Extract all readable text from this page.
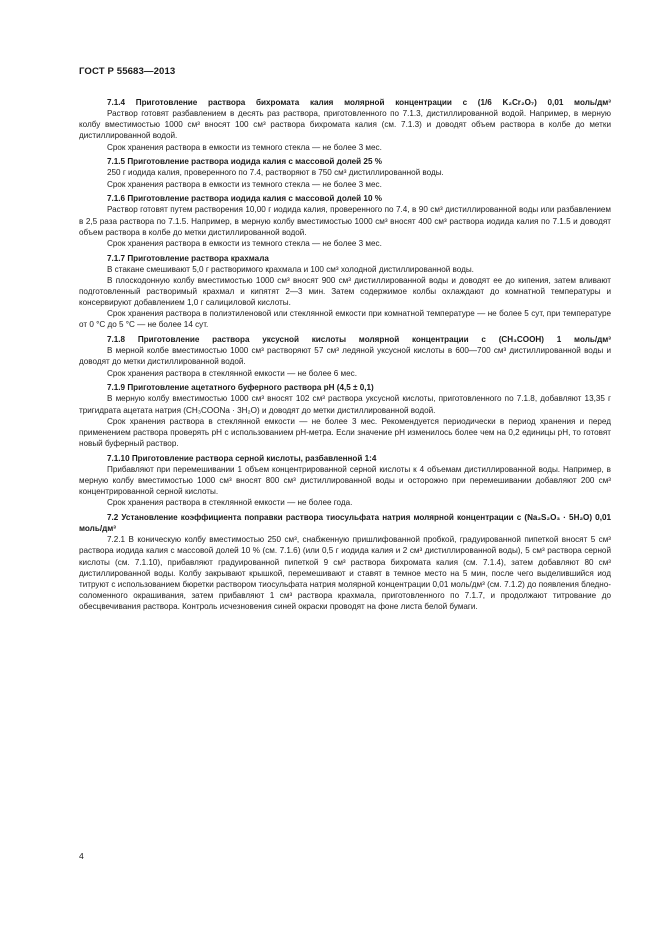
ГОСТ Р 55683—2013

7.1.4 Приготовление раствора бихромата калия молярной концентрации с (1/6 K₂Cr₂O₇) 0,01 моль/дм³

Раствор готовят разбавлением в десять раз раствора, приготовленного по 7.1.3, дистиллированной водой. Например, в мерную колбу вместимостью 1000 см³ вносят 100 см³ раствора бихромата калия (см. 7.1.3) и доводят объем раствора в колбе до метки дистиллированной водой.

Срок хранения раствора в емкости из темного стекла — не более 3 мес.

7.1.5 Приготовление раствора иодида калия с массовой долей 25 %

250 г иодида калия, проверенного по 7.4, растворяют в 750 см³ дистиллированной воды.

Срок хранения раствора в емкости из темного стекла — не более 3 мес.

7.1.6 Приготовление раствора иодида калия с массовой долей 10 %

Раствор готовят путем растворения 10,00 г иодида калия, проверенного по 7.4, в 90 см³ дистиллированной воды или разбавлением в 2,5 раза раствора по 7.1.5. Например, в мерную колбу вместимостью 1000 см³ вносят 400 см³ раствора иодида калия по 7.1.5 и доводят объем раствора в колбе до метки дистиллированной водой.

Срок хранения раствора в емкости из темного стекла — не более 3 мес.

7.1.7 Приготовление раствора крахмала

В стакане смешивают 5,0 г растворимого крахмала и 100 см³ холодной дистиллированной воды.

В плоскодонную колбу вместимостью 1000 см³ вносят 900 см³ дистиллированной воды и доводят ее до кипения, затем вливают подготовленный растворимый крахмал и кипятят 2—3 мин. Затем содержимое колбы охлаждают до комнатной температуры и консервируют добавлением 1,0 г салициловой кислоты.

Срок хранения раствора в полиэтиленовой или стеклянной емкости при комнатной температуре — не более 5 сут, при температуре от 0 °С до 5 °С — не более 14 сут.

7.1.8 Приготовление раствора уксусной кислоты молярной концентрации с (CH₃COOH) 1 моль/дм³

В мерной колбе вместимостью 1000 см³ растворяют 57 см³ ледяной уксусной кислоты в 600—700 см³ дистиллированной воды и доводят до метки дистиллированной водой.

Срок хранения раствора в стеклянной емкости — не более 6 мес.

7.1.9 Приготовление ацетатного буферного раствора pH (4,5 ± 0,1)

В мерную колбу вместимостью 1000 см³ вносят 102 см³ раствора уксусной кислоты, приготовленного по 7.1.8, добавляют 13,35 г тригидрата ацетата натрия (CH₃COONa · 3H₂O) и доводят до метки дистиллированной водой.

Срок хранения раствора в стеклянной емкости — не более 3 мес. Рекомендуется периодически в период хранения и перед применением раствора проверять pH с использованием pH-метра. Если значение pH изменилось более чем на 0,2 единицы pH, то готовят новый буферный раствор.

7.1.10 Приготовление раствора серной кислоты, разбавленной 1:4

Прибавляют при перемешивании 1 объем концентрированной серной кислоты к 4 объемам дистиллированной воды. Например, в мерную колбу вместимостью 1000 см³ вносят 800 см³ дистиллированной воды и осторожно при перемешивании добавляют 200 см³ концентрированной серной кислоты.

Срок хранения раствора в стеклянной емкости — не более года.

7.2 Установление коэффициента поправки раствора тиосульфата натрия молярной концентрации с (Na₂S₂O₃ · 5H₂O) 0,01 моль/дм³

7.2.1 В коническую колбу вместимостью 250 см³, снабженную пришлифованной пробкой, градуированной пипеткой вносят 5 см³ раствора иодида калия с массовой долей 10 % (см. 7.1.6) (или 0,5 г иодида калия и 2 см³ дистиллированной воды), 5 см³ раствора серной кислоты (см. 7.1.10), прибавляют градуированной пипеткой 9 см³ раствора бихромата калия (см. 7.1.4), затем добавляют 80 см³ дистиллированной воды. Колбу закрывают крышкой, перемешивают и ставят в темное место на 5 мин, после чего выделившийся иод титруют с использованием бюретки раствором тиосульфата натрия молярной концентрации 0,01 моль/дм³ (см. 7.1.2) до появления бледно-соломенного окрашивания, затем прибавляют 1 см³ раствора крахмала, приготовленного по 7.1.7, и продолжают титрование до обесцвечивания раствора. Контроль исчезновения синей окраски проводят на фоне листа белой бумаги.

4
